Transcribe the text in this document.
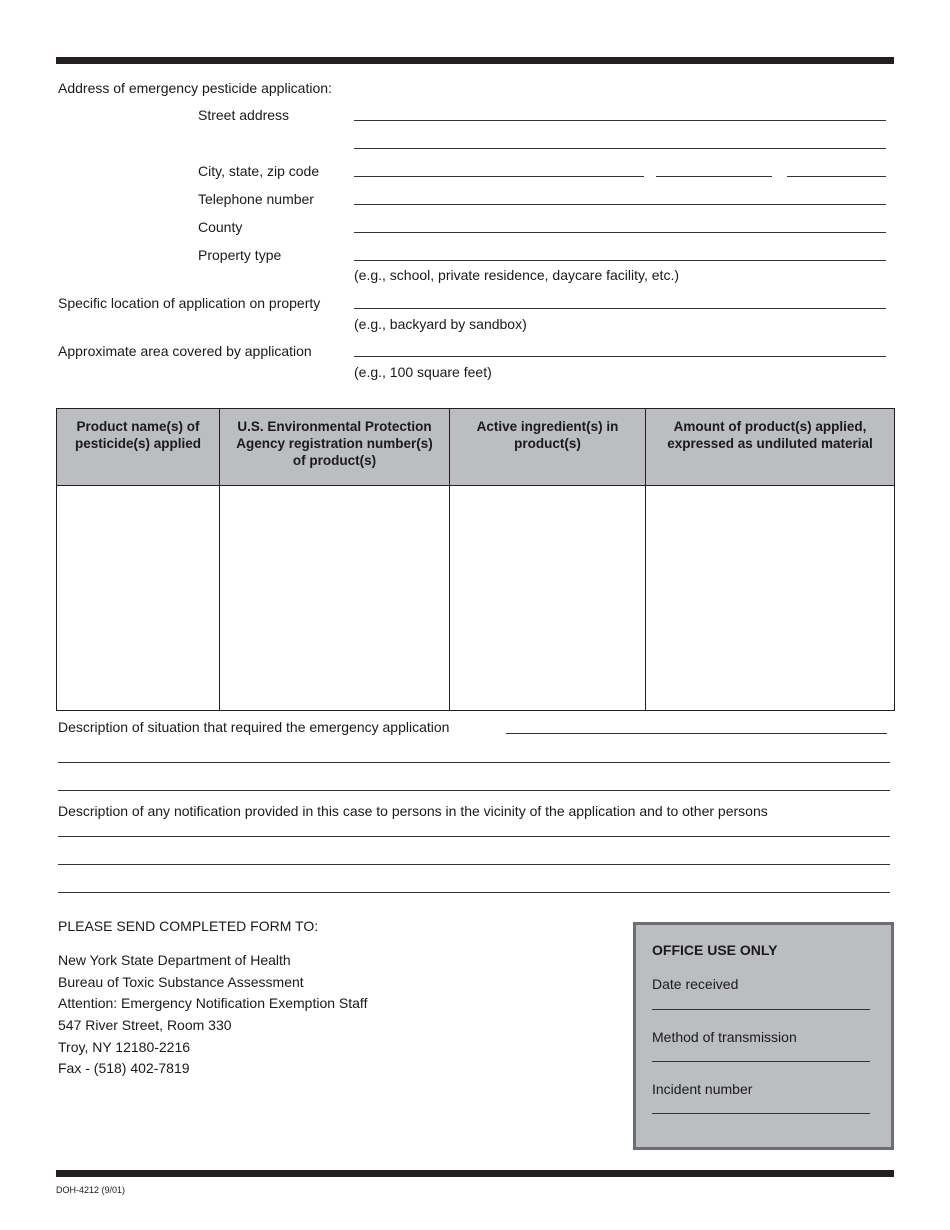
Address of emergency pesticide application:
Street address
City, state, zip code
Telephone number
County
Property type
(e.g., school, private residence, daycare facility, etc.)
Specific location of application on property
(e.g., backyard by sandbox)
Approximate area covered by application
(e.g., 100 square feet)
Product name(s) of pesticide(s) applied	U.S. Environmental Protection Agency registration number(s) of product(s)	Active ingredient(s) in product(s)	Amount of product(s) applied, expressed as undiluted material

Description of situation that required the emergency application
Description of any notification provided in this case to persons in the vicinity of the application and to other persons
PLEASE SEND COMPLETED FORM TO:
New York State Department of Health
Bureau of Toxic Substance Assessment
Attention: Emergency Notification Exemption Staff
547 River Street, Room 330
Troy, NY 12180-2216
Fax - (518) 402-7819
OFFICE USE ONLY
Date received
Method of transmission
Incident number
DOH-4212 (9/01)
